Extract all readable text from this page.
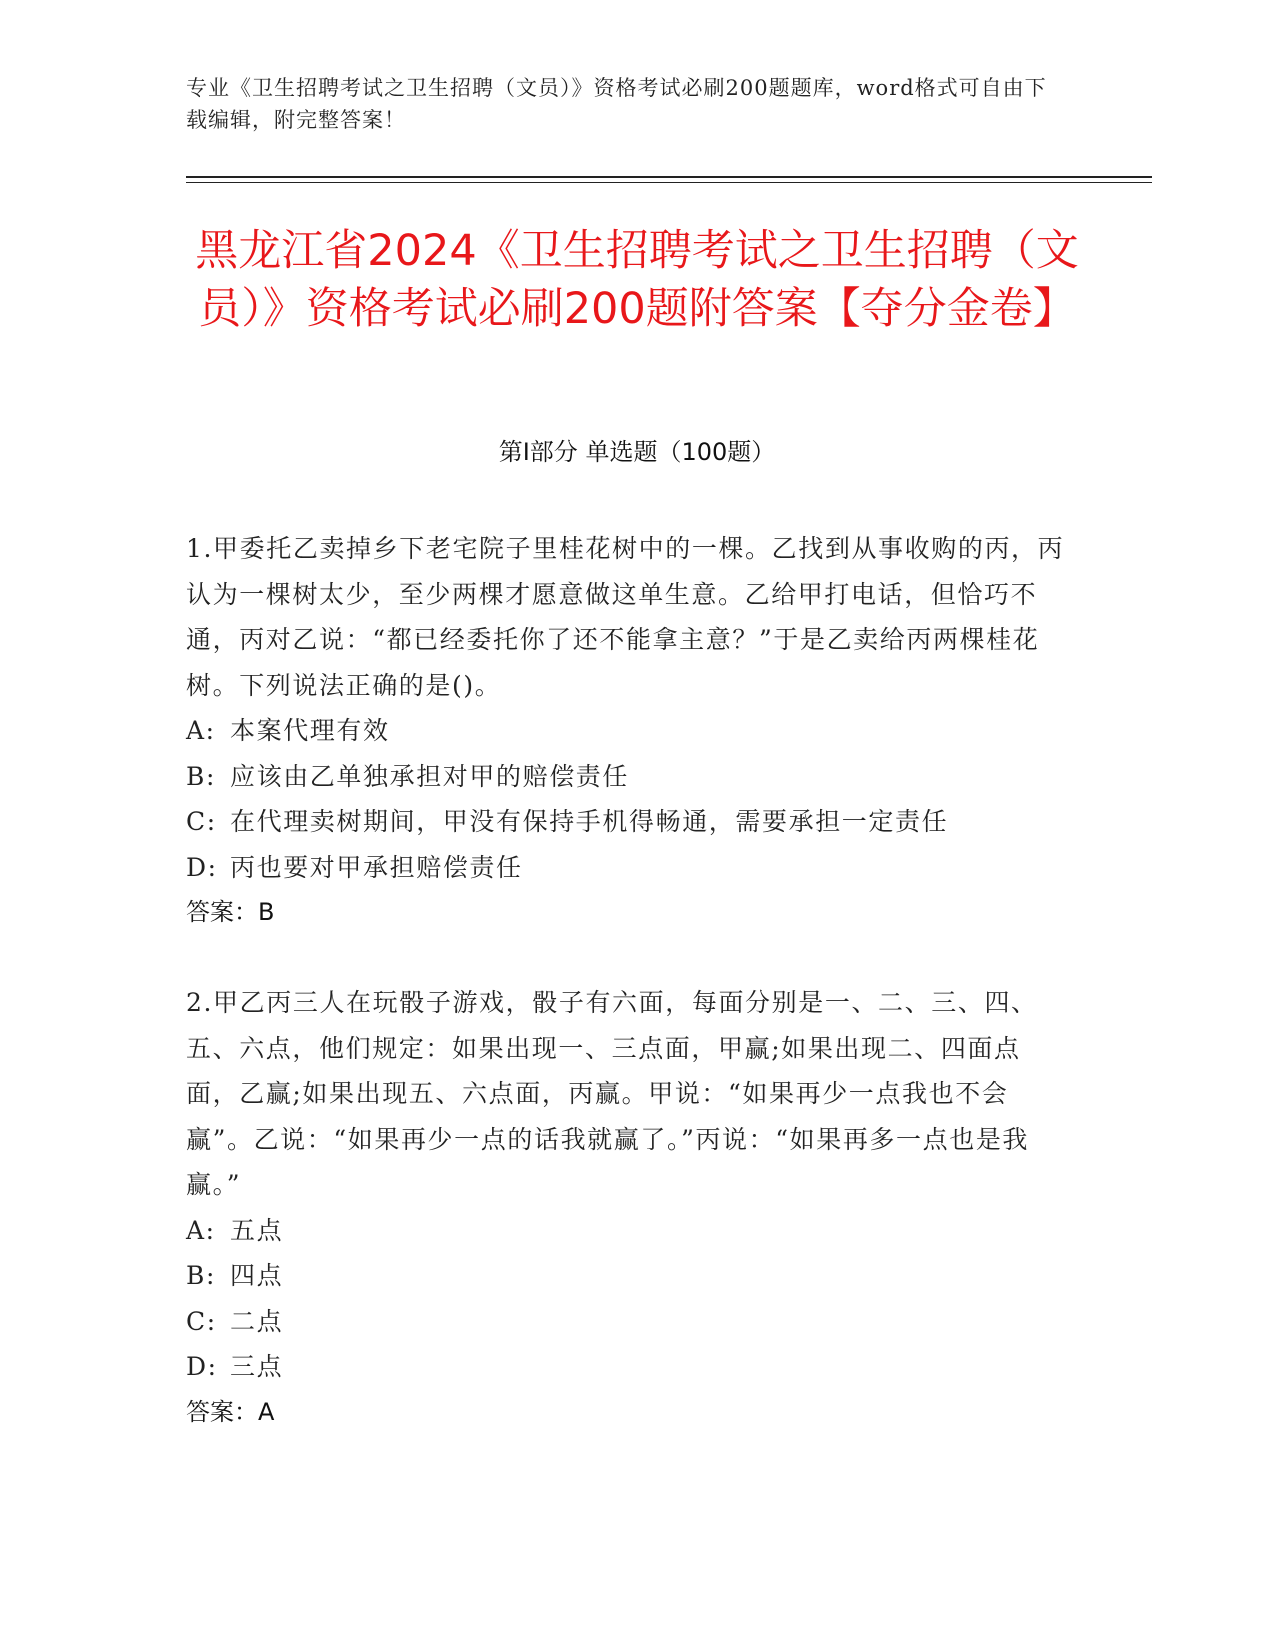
专业《卫生招聘考试之卫生招聘（文员）》资格考试必刷200题题库，word格式可自由下载编辑，附完整答案！
黑龙江省2024《卫生招聘考试之卫生招聘（文员）》资格考试必刷200题附答案【夺分金卷】
第I部分 单选题（100题）
1.甲委托乙卖掉乡下老宅院子里桂花树中的一棵。乙找到从事收购的丙，丙认为一棵树太少，至少两棵才愿意做这单生意。乙给甲打电话，但恰巧不通，丙对乙说：“都已经委托你了还不能拿主意？”于是乙卖给丙两棵桂花树。下列说法正确的是()。
A: 本案代理有效
B: 应该由乙单独承担对甲的赔偿责任
C: 在代理卖树期间，甲没有保持手机得畅通，需要承担一定责任
D: 丙也要对甲承担赔偿责任
答案：B
2.甲乙丙三人在玩骰子游戏，骰子有六面，每面分别是一、二、三、四、五、六点，他们规定：如果出现一、三点面，甲赢;如果出现二、四面点面，乙赢;如果出现五、六点面，丙赢。甲说：“如果再少一点我也不会赢”。乙说：“如果再少一点的话我就赢了。”丙说：“如果再多一点也是我赢。”
A: 五点
B: 四点
C: 二点
D: 三点
答案：A
